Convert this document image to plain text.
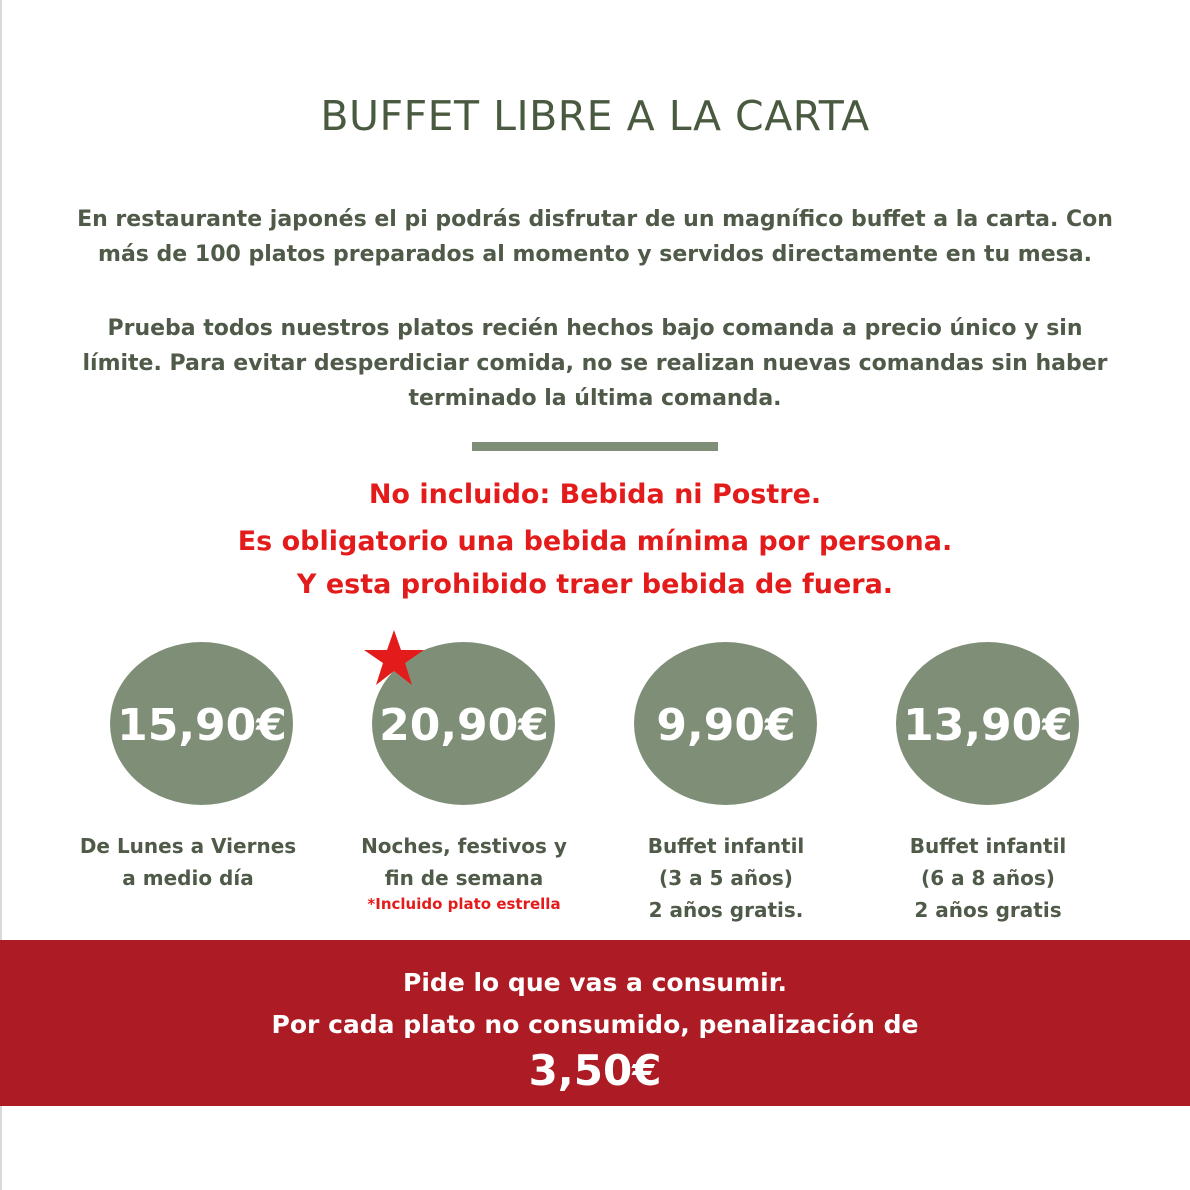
BUFFET LIBRE A LA CARTA
En restaurante japonés el pi podrás disfrutar de un magnífico buffet a la carta. Con
más de 100 platos preparados al momento y servidos directamente en tu mesa.
Prueba todos nuestros platos recién hechos bajo comanda a precio único y sin
límite. Para evitar desperdiciar comida, no se realizan nuevas comandas sin haber
terminado la última comanda.
No incluido: Bebida ni Postre.
Es obligatorio una bebida mínima por persona.
Y esta prohibido traer bebida de fuera.
15,90€	20,90€	9,90€	13,90€
De Lunes a Viernes
a medio día
Noches, festivos y
fin de semana
*Incluido plato estrella
Buffet infantil
(3 a 5 años)
2 años gratis.
Buffet infantil
(6 a 8 años)
2 años gratis
Pide lo que vas a consumir.
Por cada plato no consumido, penalización de
3,50€
